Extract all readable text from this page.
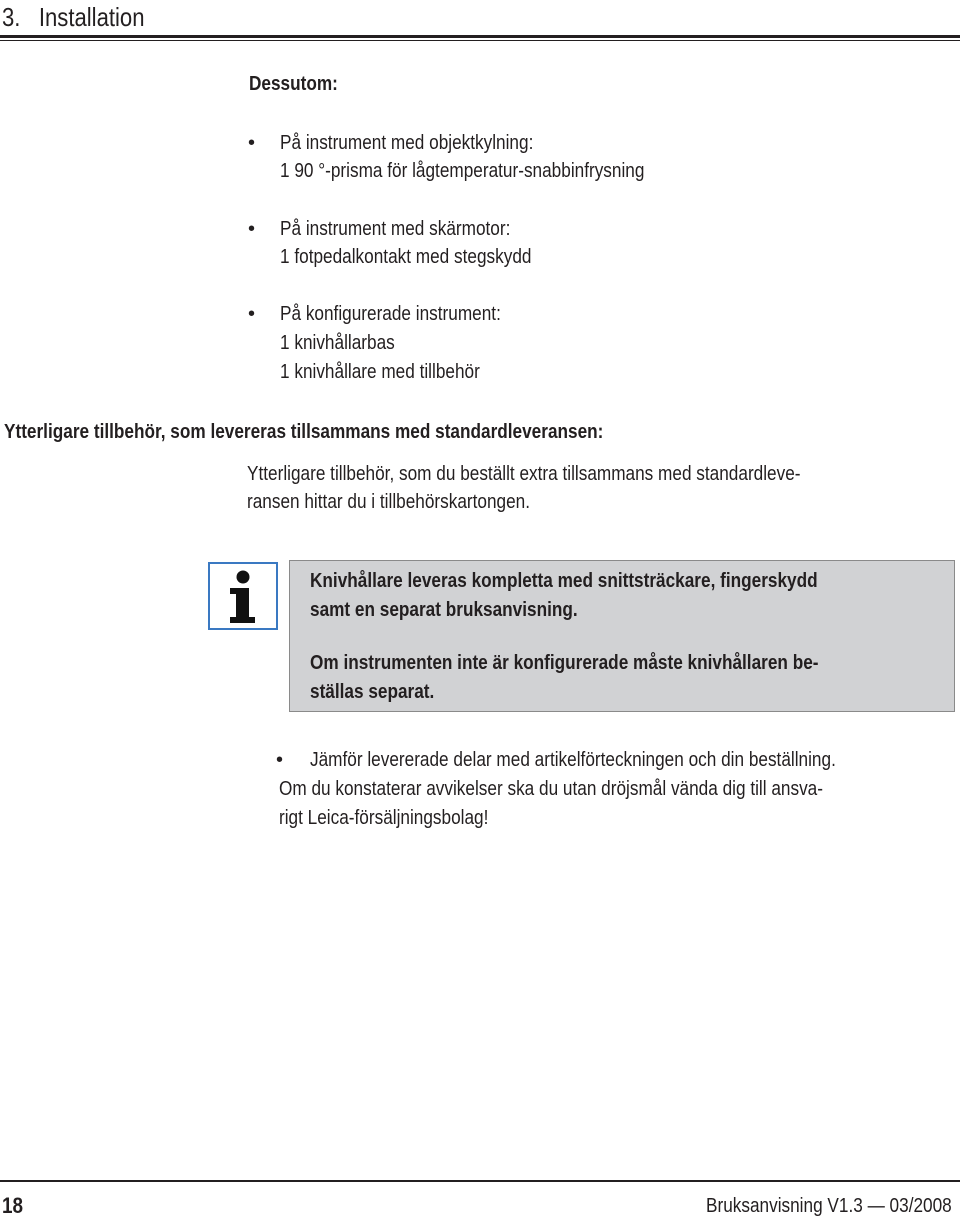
3.   Installation
Dessutom:
• På instrument med objektkylning:
1 90 °-prisma för lågtemperatur-snabbinfrysning
• På instrument med skärmotor:
1 fotpedalkontakt med stegskydd
• På konfigurerade instrument:
1 knivhållarbas
1 knivhållare med tillbehör
Ytterligare tillbehör, som levereras tillsammans med standardleveransen:
Ytterligare tillbehör, som du beställt extra tillsammans med standardleve-
ransen hittar du i tillbehörskartongen.
Knivhållare leveras kompletta med snittsträckare, fingerskydd
samt en separat bruksanvisning.
Om instrumenten inte är konfigurerade måste knivhållaren be-
ställas separat.
• Jämför levererade delar med artikelförteckningen och din beställning.
Om du konstaterar avvikelser ska du utan dröjsmål vända dig till ansva-
rigt Leica-försäljningsbolag!
18	Bruksanvisning V1.3 — 03/2008
